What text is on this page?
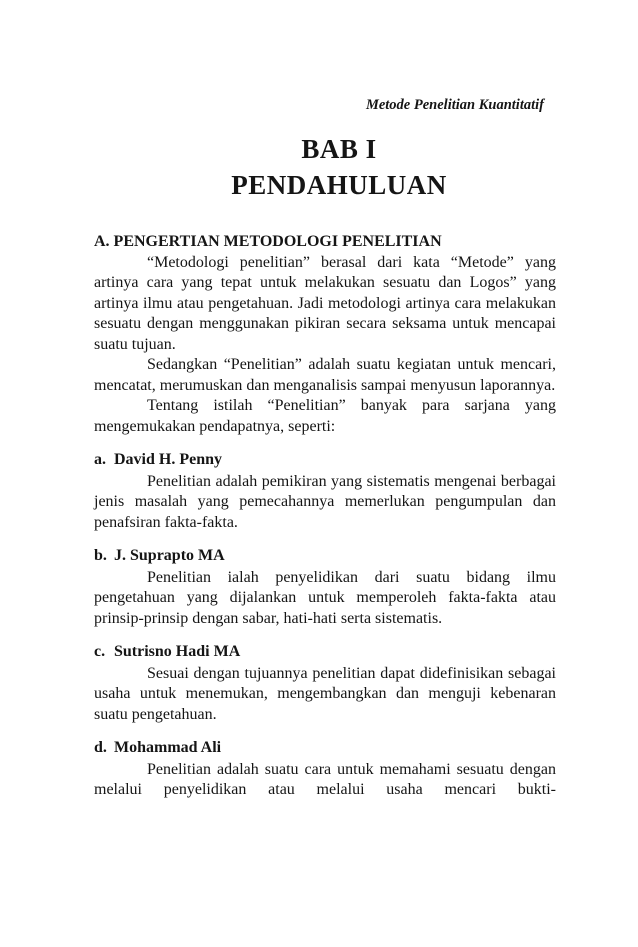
Metode Penelitian Kuantitatif
BAB I
PENDAHULUAN
A. PENGERTIAN METODOLOGI PENELITIAN

“Metodologi penelitian” berasal dari kata “Metode” yang artinya cara yang tepat untuk melakukan sesuatu dan Logos” yang artinya ilmu atau pengetahuan. Jadi metodologi artinya cara melakukan sesuatu dengan menggunakan pikiran secara seksama untuk mencapai suatu tujuan.

Sedangkan “Penelitian” adalah suatu kegiatan untuk mencari, mencatat, merumuskan dan menganalisis sampai menyusun laporannya.

Tentang istilah “Penelitian” banyak para sarjana yang mengemukakan pendapatnya, seperti:

a. David H. Penny

Penelitian adalah pemikiran yang sistematis mengenai berbagai jenis masalah yang pemecahannya memerlukan pengumpulan dan penafsiran fakta-fakta.

b. J. Suprapto MA

Penelitian ialah penyelidikan dari suatu bidang ilmu pengetahuan yang dijalankan untuk memperoleh fakta-fakta atau prinsip-prinsip dengan sabar, hati-hati serta sistematis.

c. Sutrisno Hadi MA

Sesuai dengan tujuannya penelitian dapat didefinisikan sebagai usaha untuk menemukan, mengembangkan dan menguji kebenaran suatu pengetahuan.

d. Mohammad Ali

Penelitian adalah suatu cara untuk memahami sesuatu dengan melalui penyelidikan atau melalui usaha mencari bukti-
